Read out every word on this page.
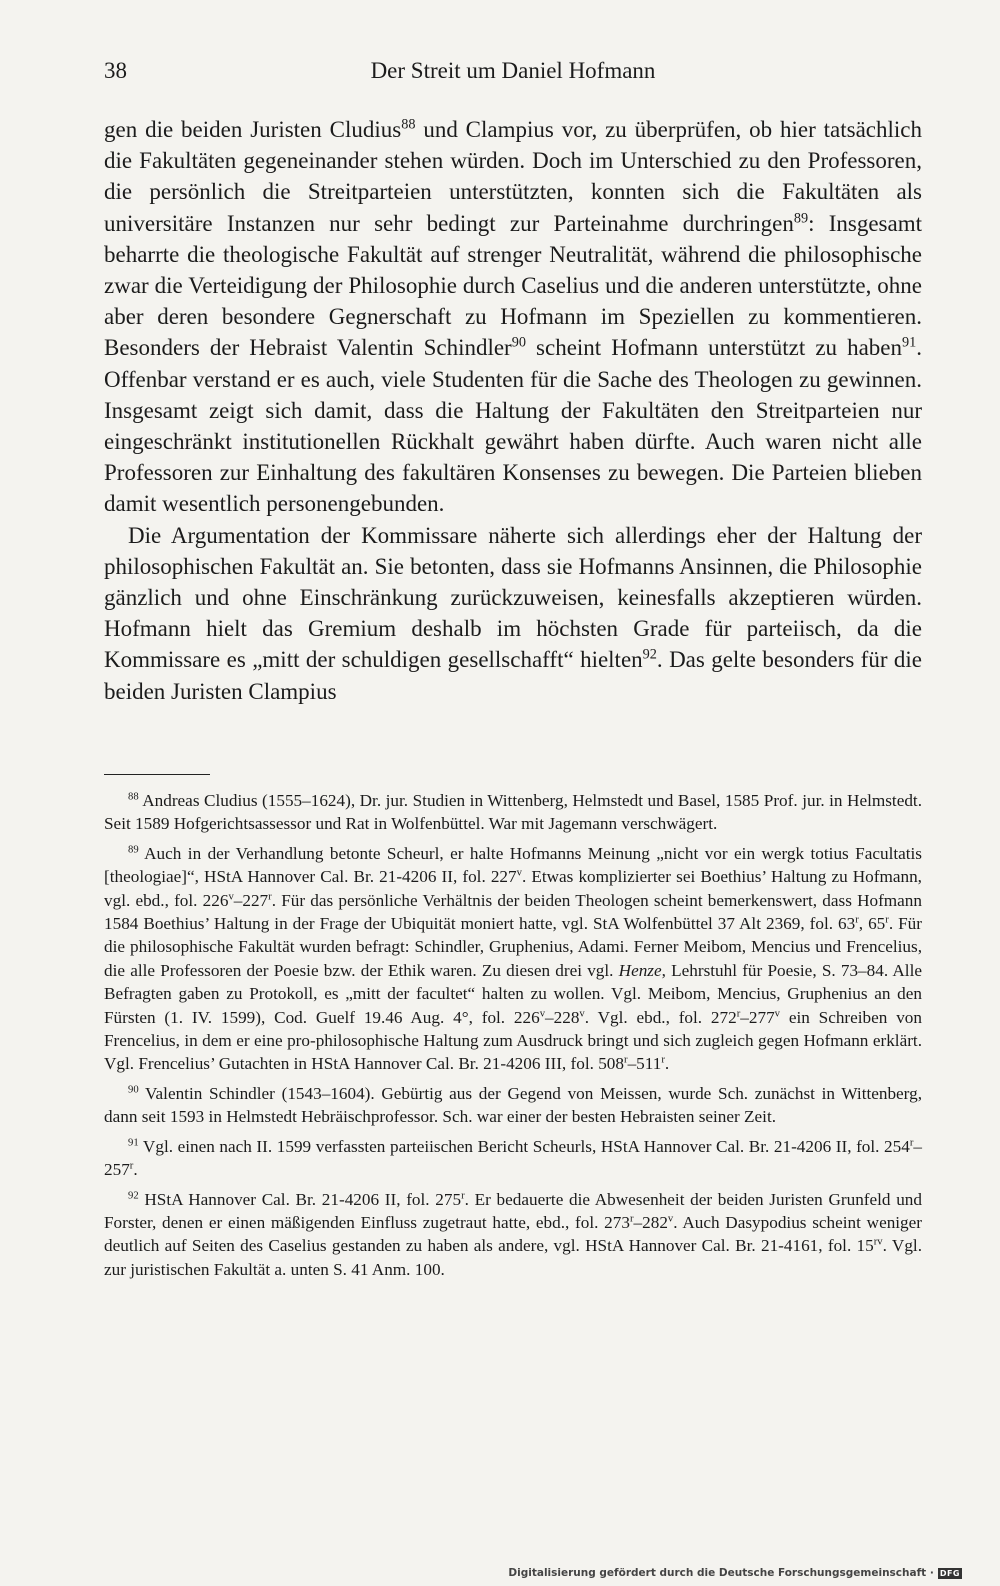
38	Der Streit um Daniel Hofmann

gen die beiden Juristen Cludius$^{88}$ und Clampius vor, zu überprüfen, ob hier tatsächlich die Fakultäten gegeneinander stehen würden. Doch im Unterschied zu den Professoren, die persönlich die Streitparteien unterstützten, konnten sich die Fakultäten als universitäre Instanzen nur sehr bedingt zur Parteinahme durchringen$^{89}$: Insgesamt beharrte die theologische Fakultät auf strenger Neutralität, während die philosophische zwar die Verteidigung der Philosophie durch Caselius und die anderen unterstützte, ohne aber deren besondere Gegnerschaft zu Hofmann im Speziellen zu kommentieren. Besonders der Hebraist Valentin Schindler$^{90}$ scheint Hofmann unterstützt zu haben$^{91}$. Offenbar verstand er es auch, viele Studenten für die Sache des Theologen zu gewinnen. Insgesamt zeigt sich damit, dass die Haltung der Fakultäten den Streitparteien nur eingeschränkt institutionellen Rückhalt gewährt haben dürfte. Auch waren nicht alle Professoren zur Einhaltung des fakultären Konsenses zu bewegen. Die Parteien blieben damit wesentlich personengebunden.

Die Argumentation der Kommissare näherte sich allerdings eher der Haltung der philosophischen Fakultät an. Sie betonten, dass sie Hofmanns Ansinnen, die Philosophie gänzlich und ohne Einschränkung zurückzuweisen, keinesfalls akzeptieren würden. Hofmann hielt das Gremium deshalb im höchsten Grade für parteiisch, da die Kommissare es „mitt der schuldigen gesellschafft“ hielten$^{92}$. Das gelte besonders für die beiden Juristen Clampius

$^{88}$ Andreas Cludius (1555–1624), Dr. jur. Studien in Wittenberg, Helmstedt und Basel, 1585 Prof. jur. in Helmstedt. Seit 1589 Hofgerichtsassessor und Rat in Wolfenbüttel. War mit Jagemann verschwägert.

$^{89}$ Auch in der Verhandlung betonte Scheurl, er halte Hofmanns Meinung „nicht vor ein wergk totius Facultatis [theologiae]“, HStA Hannover Cal. Br. 21-4206 II, fol. 227$^v$. Etwas komplizierter sei Boethius’ Haltung zu Hofmann, vgl. ebd., fol. 226$^v$–227$^r$. Für das persönliche Verhältnis der beiden Theologen scheint bemerkenswert, dass Hofmann 1584 Boethius’ Haltung in der Frage der Ubiquität moniert hatte, vgl. StA Wolfenbüttel 37 Alt 2369, fol. 63$^r$, 65$^r$. Für die philosophische Fakultät wurden befragt: Schindler, Gruphenius, Adami. Ferner Meibom, Mencius und Frencelius, die alle Professoren der Poesie bzw. der Ethik waren. Zu diesen drei vgl. Henze, Lehrstuhl für Poesie, S. 73–84. Alle Befragten gaben zu Protokoll, es „mitt der facultet“ halten zu wollen. Vgl. Meibom, Mencius, Gruphenius an den Fürsten (1. IV. 1599), Cod. Guelf 19.46 Aug. 4°, fol. 226$^v$–228$^v$. Vgl. ebd., fol. 272$^r$–277$^v$ ein Schreiben von Frencelius, in dem er eine pro-philosophische Haltung zum Ausdruck bringt und sich zugleich gegen Hofmann erklärt. Vgl. Frencelius’ Gutachten in HStA Hannover Cal. Br. 21-4206 III, fol. 508$^r$–511$^r$.

$^{90}$ Valentin Schindler (1543–1604). Gebürtig aus der Gegend von Meissen, wurde Sch. zunächst in Wittenberg, dann seit 1593 in Helmstedt Hebräischprofessor. Sch. war einer der besten Hebraisten seiner Zeit.

$^{91}$ Vgl. einen nach II. 1599 verfassten parteiischen Bericht Scheurls, HStA Hannover Cal. Br. 21-4206 II, fol. 254$^r$–257$^r$.

$^{92}$ HStA Hannover Cal. Br. 21-4206 II, fol. 275$^r$. Er bedauerte die Abwesenheit der beiden Juristen Grunfeld und Forster, denen er einen mäßigenden Einfluss zugetraut hatte, ebd., fol. 273$^r$–282$^v$. Auch Dasypodius scheint weniger deutlich auf Seiten des Caselius gestanden zu haben als andere, vgl. HStA Hannover Cal. Br. 21-4161, fol. $15^{rv}$. Vgl. zur juristischen Fakultät a. unten S. 41 Anm. 100.

Digitalisierung gefördert durch die Deutsche Forschungsgemeinschaft · DFG
